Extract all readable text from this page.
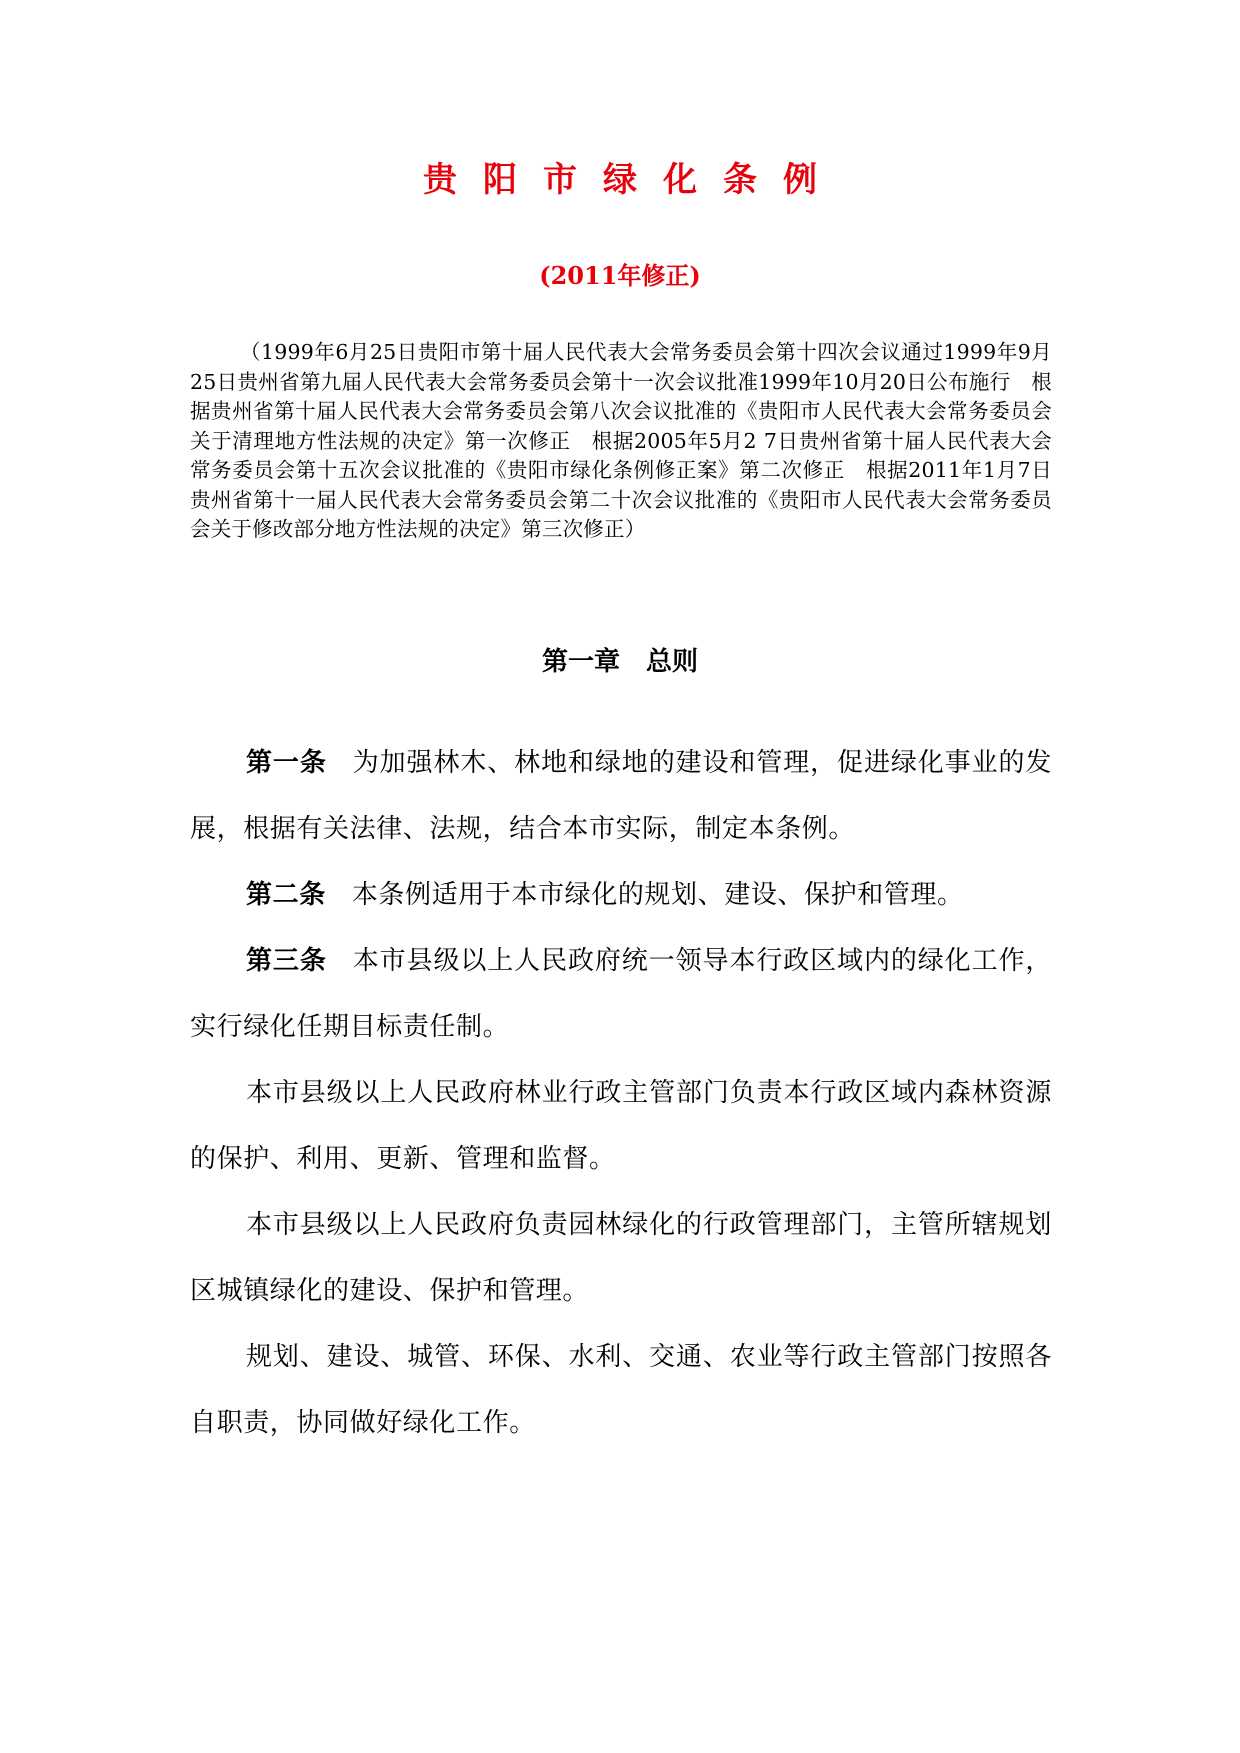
贵阳市绿化条例
(2011年修正)
（1999年6月25日贵阳市第十届人民代表大会常务委员会第十四次会议通过1999年9月25日贵州省第九届人民代表大会常务委员会第十一次会议批准1999年10月20日公布施行　根据贵州省第十届人民代表大会常务委员会第八次会议批准的《贵阳市人民代表大会常务委员会关于清理地方性法规的决定》第一次修正　根据2005年5月2 7日贵州省第十届人民代表大会常务委员会第十五次会议批准的《贵阳市绿化条例修正案》第二次修正　根据2011年1月7日贵州省第十一届人民代表大会常务委员会第二十次会议批准的《贵阳市人民代表大会常务委员会关于修改部分地方性法规的决定》第三次修正）
第一章　总则

第一条 为加强林木、林地和绿地的建设和管理，促进绿化事业的发展，根据有关法律、法规，结合本市实际，制定本条例。

第二条 本条例适用于本市绿化的规划、建设、保护和管理。

第三条 本市县级以上人民政府统一领导本行政区域内的绿化工作，实行绿化任期目标责任制。

本市县级以上人民政府林业行政主管部门负责本行政区域内森林资源的保护、利用、更新、管理和监督。

本市县级以上人民政府负责园林绿化的行政管理部门，主管所辖规划区城镇绿化的建设、保护和管理。

规划、建设、城管、环保、水利、交通、农业等行政主管部门按照各自职责，协同做好绿化工作。
